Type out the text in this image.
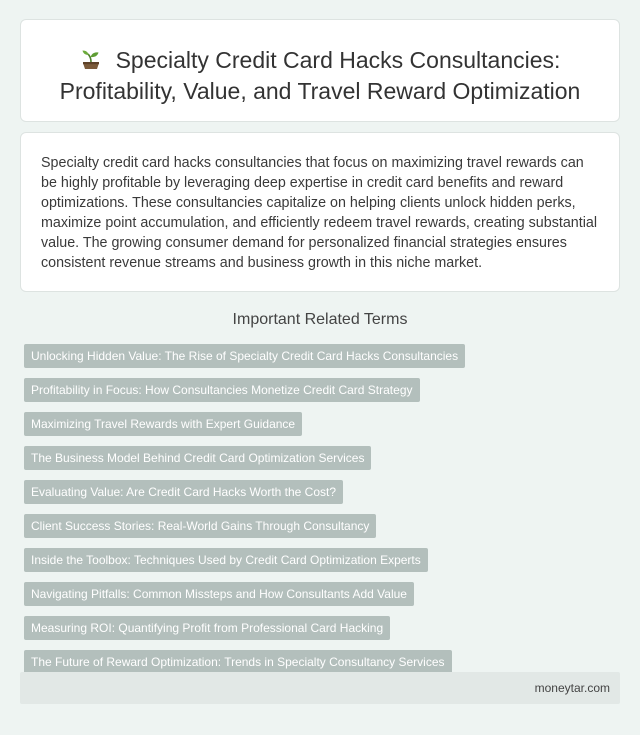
Specialty Credit Card Hacks Consultancies:
Profitability, Value, and Travel Reward Optimization

Specialty credit card hacks consultancies that focus on maximizing travel rewards can be highly profitable by leveraging deep expertise in credit card benefits and reward optimizations. These consultancies capitalize on helping clients unlock hidden perks, maximize point accumulation, and efficiently redeem travel rewards, creating substantial value. The growing consumer demand for personalized financial strategies ensures consistent revenue streams and business growth in this niche market.

Important Related Terms
Unlocking Hidden Value: The Rise of Specialty Credit Card Hacks Consultancies
Profitability in Focus: How Consultancies Monetize Credit Card Strategy
Maximizing Travel Rewards with Expert Guidance
The Business Model Behind Credit Card Optimization Services
Evaluating Value: Are Credit Card Hacks Worth the Cost?
Client Success Stories: Real-World Gains Through Consultancy
Inside the Toolbox: Techniques Used by Credit Card Optimization Experts
Navigating Pitfalls: Common Missteps and How Consultants Add Value
Measuring ROI: Quantifying Profit from Professional Card Hacking
The Future of Reward Optimization: Trends in Specialty Consultancy Services
moneytar.com
